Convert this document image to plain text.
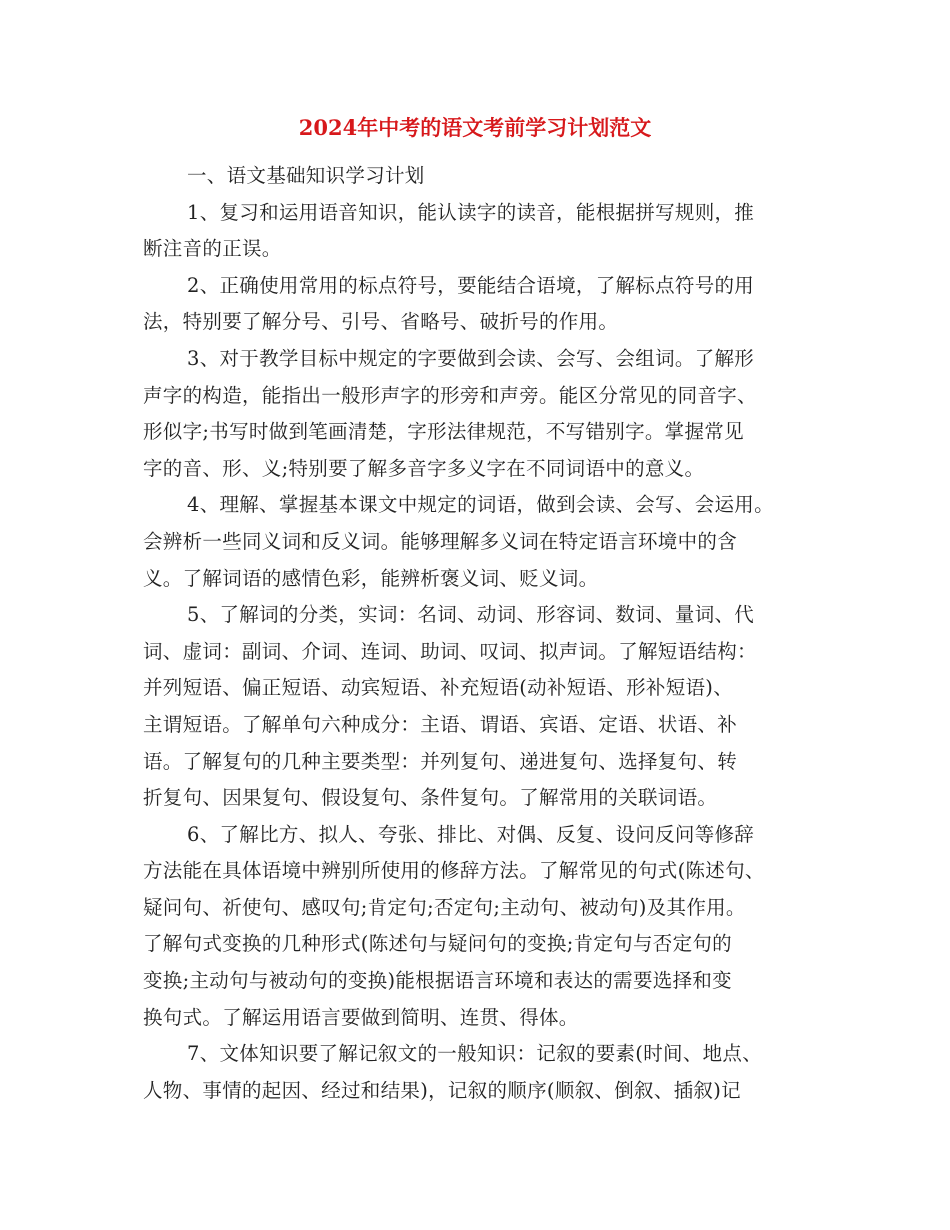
2024年中考的语文考前学习计划范文
一、语文基础知识学习计划
1、复习和运用语音知识，能认读字的读音，能根据拼写规则，推
断注音的正误。
2、正确使用常用的标点符号，要能结合语境，了解标点符号的用
法，特别要了解分号、引号、省略号、破折号的作用。
3、对于教学目标中规定的字要做到会读、会写、会组词。了解形
声字的构造，能指出一般形声字的形旁和声旁。能区分常见的同音字、
形似字;书写时做到笔画清楚，字形法律规范，不写错别字。掌握常见
字的音、形、义;特别要了解多音字多义字在不同词语中的意义。
4、理解、掌握基本课文中规定的词语，做到会读、会写、会运用。
会辨析一些同义词和反义词。能够理解多义词在特定语言环境中的含
义。了解词语的感情色彩，能辨析褒义词、贬义词。
5、了解词的分类，实词：名词、动词、形容词、数词、量词、代
词、虚词：副词、介词、连词、助词、叹词、拟声词。了解短语结构：
并列短语、偏正短语、动宾短语、补充短语(动补短语、形补短语)、
主谓短语。了解单句六种成分：主语、谓语、宾语、定语、状语、补
语。了解复句的几种主要类型：并列复句、递进复句、选择复句、转
折复句、因果复句、假设复句、条件复句。了解常用的关联词语。
6、了解比方、拟人、夸张、排比、对偶、反复、设问反问等修辞
方法能在具体语境中辨别所使用的修辞方法。了解常见的句式(陈述句、
疑问句、祈使句、感叹句;肯定句;否定句;主动句、被动句)及其作用。
了解句式变换的几种形式(陈述句与疑问句的变换;肯定句与否定句的
变换;主动句与被动句的变换)能根据语言环境和表达的需要选择和变
换句式。了解运用语言要做到简明、连贯、得体。
7、文体知识要了解记叙文的一般知识：记叙的要素(时间、地点、
人物、事情的起因、经过和结果)，记叙的顺序(顺叙、倒叙、插叙)记
